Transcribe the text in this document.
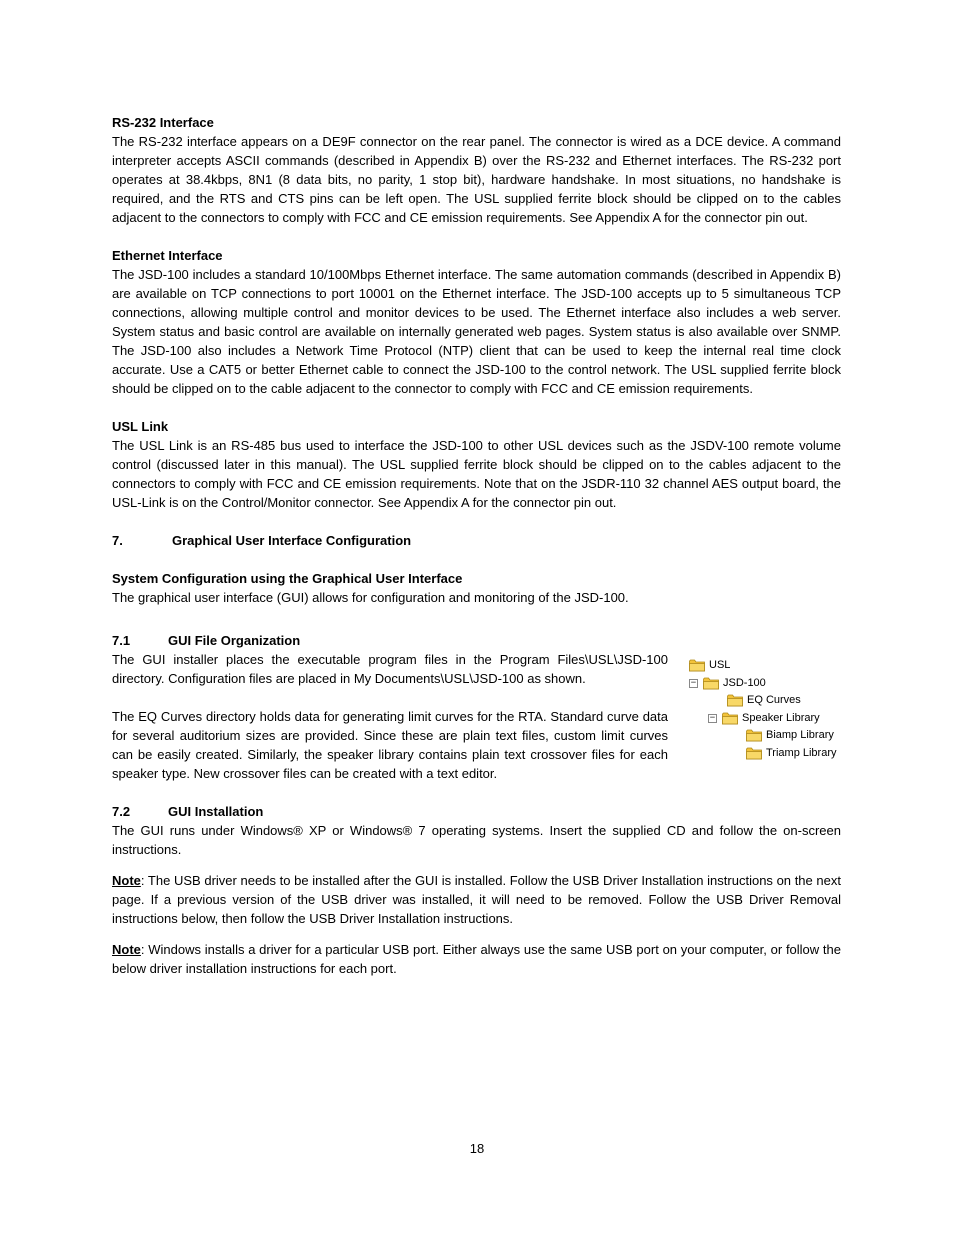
RS-232 Interface

The RS-232 interface appears on a DE9F connector on the rear panel. The connector is wired as a DCE device. A command interpreter accepts ASCII commands (described in Appendix B) over the RS-232 and Ethernet interfaces. The RS-232 port operates at 38.4kbps, 8N1 (8 data bits, no parity, 1 stop bit), hardware handshake. In most situations, no handshake is required, and the RTS and CTS pins can be left open. The USL supplied ferrite block should be clipped on to the cables adjacent to the connectors to comply with FCC and CE emission requirements. See Appendix A for the connector pin out.

Ethernet Interface

The JSD-100 includes a standard 10/100Mbps Ethernet interface. The same automation commands (described in Appendix B) are available on TCP connections to port 10001 on the Ethernet interface. The JSD-100 accepts up to 5 simultaneous TCP connections, allowing multiple control and monitor devices to be used. The Ethernet interface also includes a web server. System status and basic control are available on internally generated web pages. System status is also available over SNMP. The JSD-100 also includes a Network Time Protocol (NTP) client that can be used to keep the internal real time clock accurate. Use a CAT5 or better Ethernet cable to connect the JSD-100 to the control network. The USL supplied ferrite block should be clipped on to the cable adjacent to the connector to comply with FCC and CE emission requirements.

USL Link

The USL Link is an RS-485 bus used to interface the JSD-100 to other USL devices such as the JSDV-100 remote volume control (discussed later in this manual). The USL supplied ferrite block should be clipped on to the cables adjacent to the connectors to comply with FCC and CE emission requirements. Note that on the JSDR-110 32 channel AES output board, the USL-Link is on the Control/Monitor connector. See Appendix A for the connector pin out.

7.	Graphical User Interface Configuration
System Configuration using the Graphical User Interface

The graphical user interface (GUI) allows for configuration and monitoring of the JSD-100.

7.1	GUI File Organization

The GUI installer places the executable program files in the Program Files\USL\JSD-100 directory. Configuration files are placed in My Documents\USL\JSD-100 as shown.

The EQ Curves directory holds data for generating limit curves for the RTA. Standard curve data for several auditorium sizes are provided. Since these are plain text files, custom limit curves can be easily created. Similarly, the speaker library contains plain text crossover files for each speaker type. New crossover files can be created with a text editor.

USL
− JSD-100
EQ Curves
− Speaker Library
Biamp Library
Triamp Library
7.2	GUI Installation

The GUI runs under Windows® XP or Windows® 7 operating systems. Insert the supplied CD and follow the on-screen instructions.

Note: The USB driver needs to be installed after the GUI is installed. Follow the USB Driver Installation instructions on the next page. If a previous version of the USB driver was installed, it will need to be removed. Follow the USB Driver Removal instructions below, then follow the USB Driver Installation instructions.

Note: Windows installs a driver for a particular USB port. Either always use the same USB port on your computer, or follow the below driver installation instructions for each port.

18
